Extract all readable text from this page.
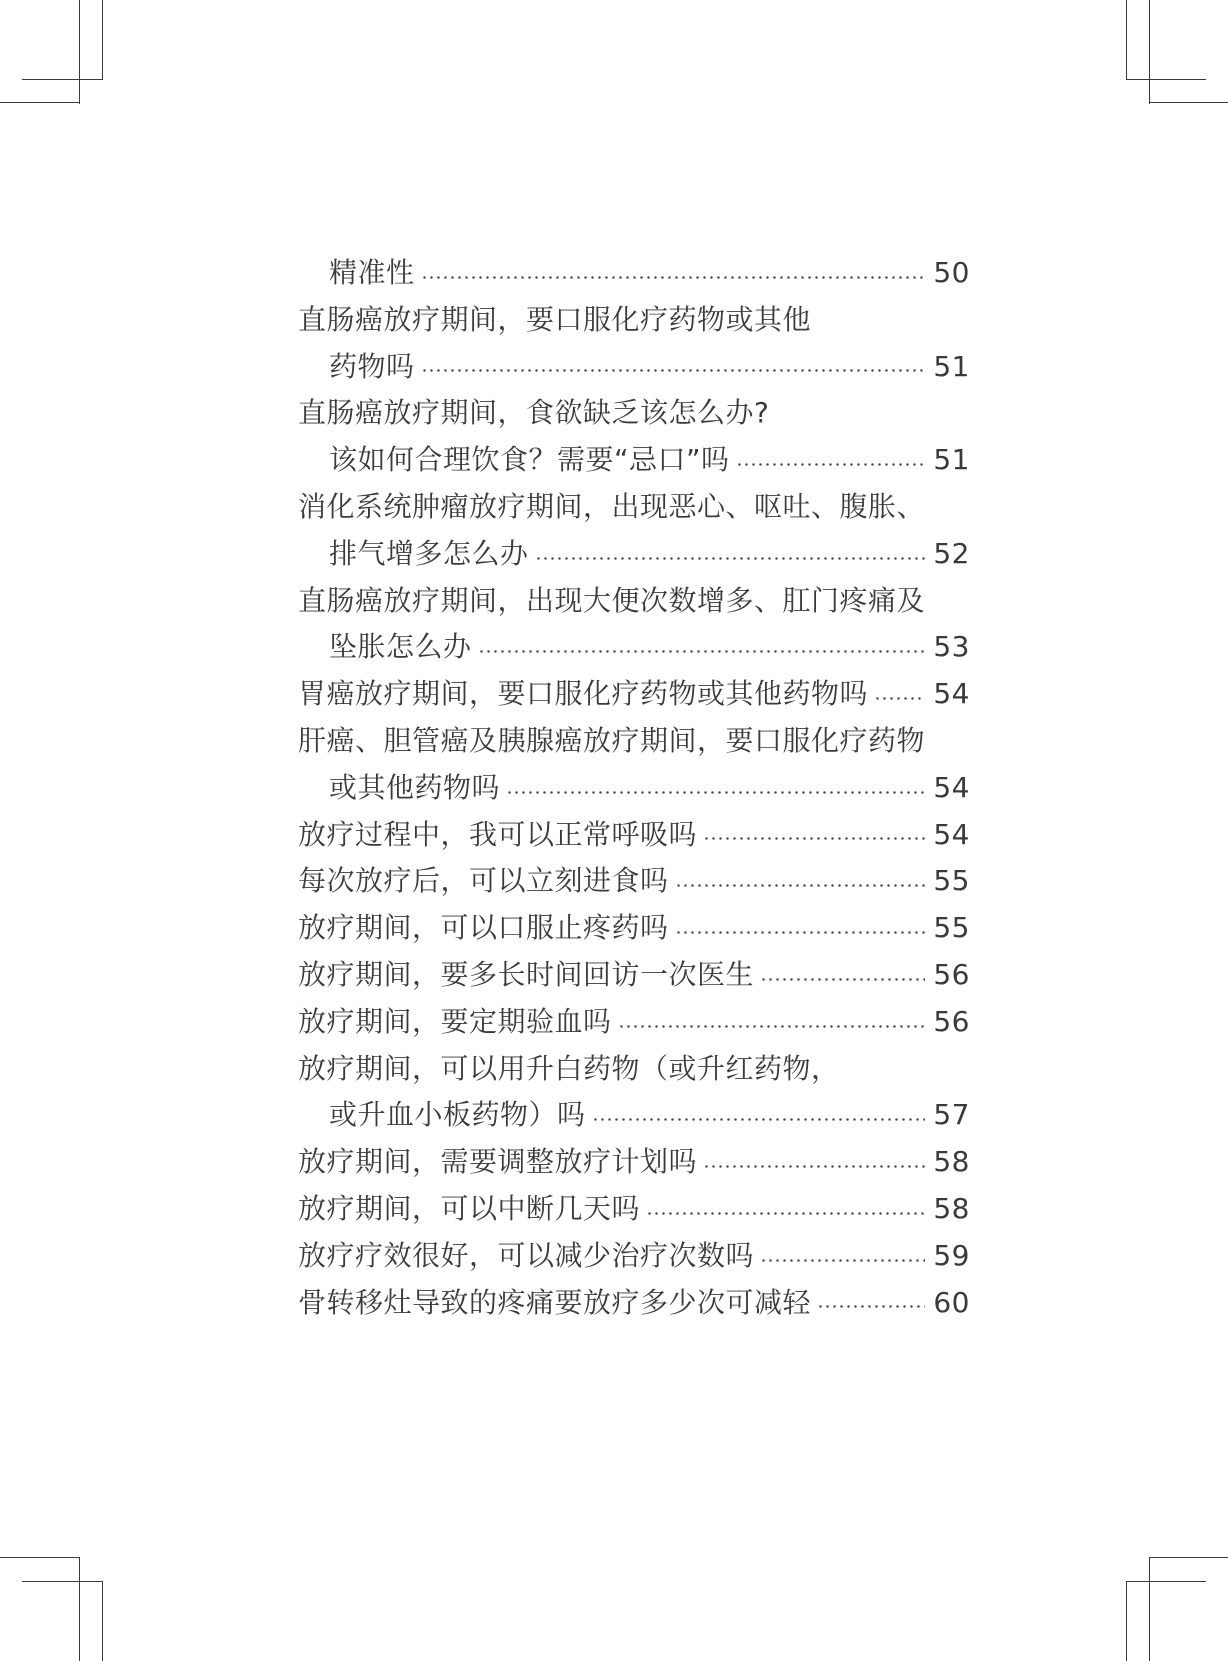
精准性	50
直肠癌放疗期间，要口服化疗药物或其他
药物吗	51
直肠癌放疗期间，食欲缺乏该怎么办?
该如何合理饮食？需要“忌口”吗	51
消化系统肿瘤放疗期间，出现恶心、呕吐、腹胀、
排气增多怎么办	52
直肠癌放疗期间，出现大便次数增多、肛门疼痛及
坠胀怎么办	53
胃癌放疗期间，要口服化疗药物或其他药物吗 54
肝癌、胆管癌及胰腺癌放疗期间，要口服化疗药物
或其他药物吗	54
放疗过程中，我可以正常呼吸吗	54
每次放疗后，可以立刻进食吗	55
放疗期间，可以口服止疼药吗	55
放疗期间，要多长时间回访一次医生	56
放疗期间，要定期验血吗	56
放疗期间，可以用升白药物（或升红药物，
或升血小板药物）吗	57
放疗期间，需要调整放疗计划吗	58
放疗期间，可以中断几天吗	58
放疗疗效很好，可以减少治疗次数吗	59
骨转移灶导致的疼痛要放疗多少次可减轻	60
